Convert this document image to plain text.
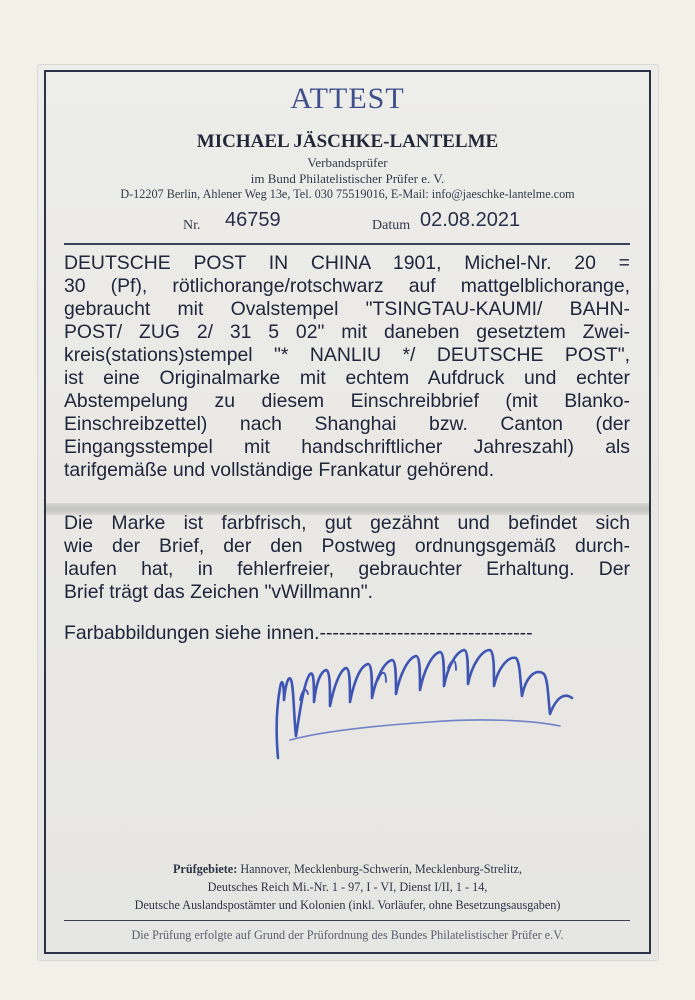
ATTEST
MICHAEL JÄSCHKE-LANTELME
Verbandsprüfer
im Bund Philatelistischer Prüfer e. V.
D-12207 Berlin, Ahlener Weg 13e, Tel. 030 75519016, E-Mail: info@jaeschke-lantelme.com
Nr. 46759	Datum 02.08.2021
DEUTSCHE POST IN CHINA 1901, Michel-Nr. 20 =
30 (Pf), rötlichorange/rotschwarz auf mattgelblichorange,
gebraucht mit Ovalstempel "TSINGTAU-KAUMI/ BAHN-
POST/ ZUG 2/ 31 5 02" mit daneben gesetztem Zwei-
kreis(stations)stempel "* NANLIU */ DEUTSCHE POST",
ist eine Originalmarke mit echtem Aufdruck und echter
Abstempelung zu diesem Einschreibbrief (mit Blanko-
Einschreibzettel) nach Shanghai bzw. Canton (der
Eingangsstempel mit handschriftlicher Jahreszahl) als
tarifgemäße und vollständige Frankatur gehörend.
Die Marke ist farbfrisch, gut gezähnt und befindet sich
wie der Brief, der den Postweg ordnungsgemäß durch-
laufen hat, in fehlerfreier, gebrauchter Erhaltung. Der
Brief trägt das Zeichen "vWillmann".
Farbabbildungen siehe innen.---------------------------------
Prüfgebiete: Hannover, Mecklenburg-Schwerin, Mecklenburg-Strelitz,
Deutsches Reich Mi.-Nr. 1 - 97, I - VI, Dienst I/II, 1 - 14,
Deutsche Auslandspostämter und Kolonien (inkl. Vorläufer, ohne Besetzungsausgaben)
Die Prüfung erfolgte auf Grund der Prüfordnung des Bundes Philatelistischer Prüfer e.V.
